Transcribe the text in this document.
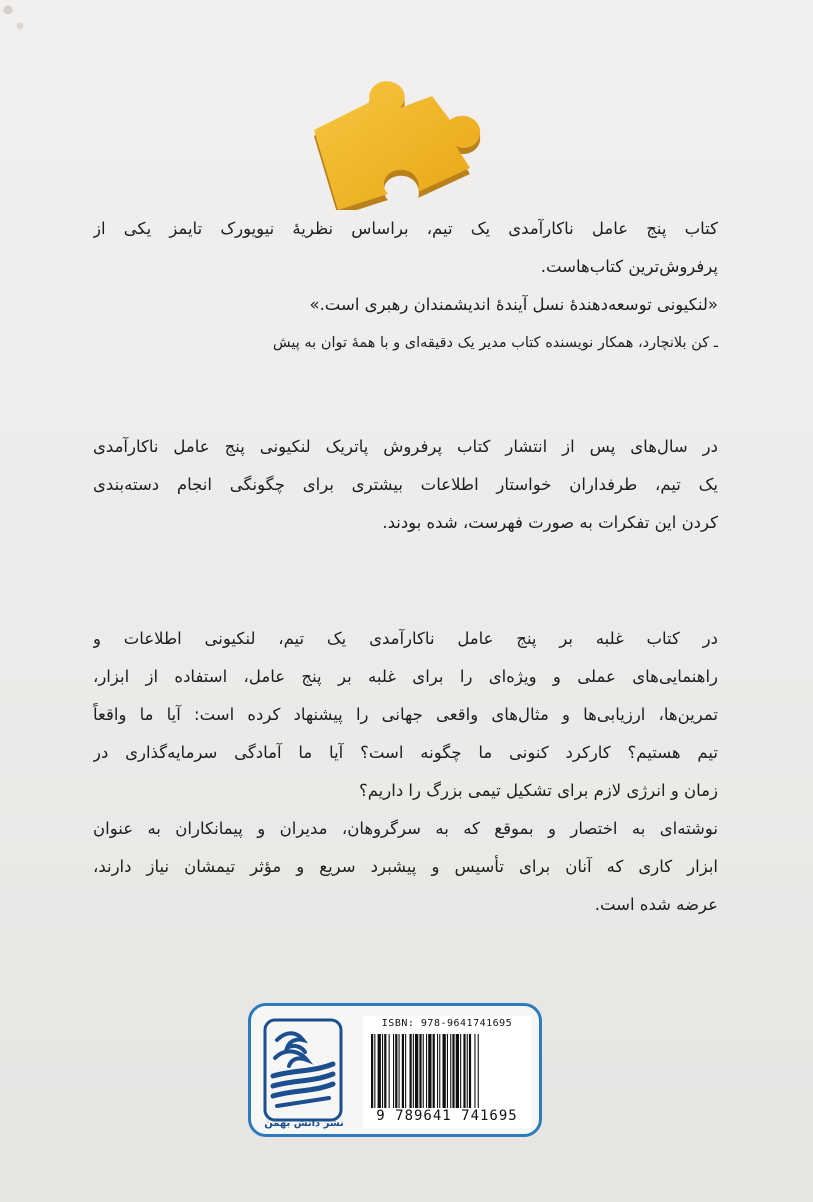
کتاب پنج عامل ناکارآمدی یک تیم، براساس نظریهٔ نیویورک تایمز یکی از
پرفروش‌ترین کتاب‌هاست.
«لنکیونی توسعه‌دهندهٔ نسل آیندهٔ اندیشمندان رهبری است.»
ـ کن بلانچارد، همکار نویسنده کتاب مدیر یک دقیقه‌ای و با همهٔ توان به پیش
در سال‌های پس از انتشار کتاب پرفروش پاتریک لنکیونی پنج عامل ناکارآمدی
یک تیم، طرفداران خواستار اطلاعات بیشتری برای چگونگی انجام دسته‌بندی
کردن این تفکرات به صورت فهرست، شده بودند.
در کتاب غلبه بر پنج عامل ناکارآمدی یک تیم، لنکیونی اطلاعات و
راهنمایی‌های عملی و ویژه‌ای را برای غلبه بر پنج عامل، استفاده از ابزار،
تمرین‌ها، ارزیابی‌ها و مثال‌های واقعی جهانی را پیشنهاد کرده است: آیا ما واقعاً
تیم هستیم؟ کارکرد کنونی ما چگونه است؟ آیا ما آمادگی سرمایه‌گذاری در
زمان و انرژی لازم برای تشکیل تیمی بزرگ را داریم؟
نوشته‌ای به اختصار و بموقع که به سرگروهان، مدیران و پیمانکاران به عنوان
ابزار کاری که آنان برای تأسیس و پیشبرد سریع و مؤثر تیمشان نیاز دارند،
عرضه شده است.
نشر دانش بهمن
ISBN: 978-9641741695
9 789641 741695
